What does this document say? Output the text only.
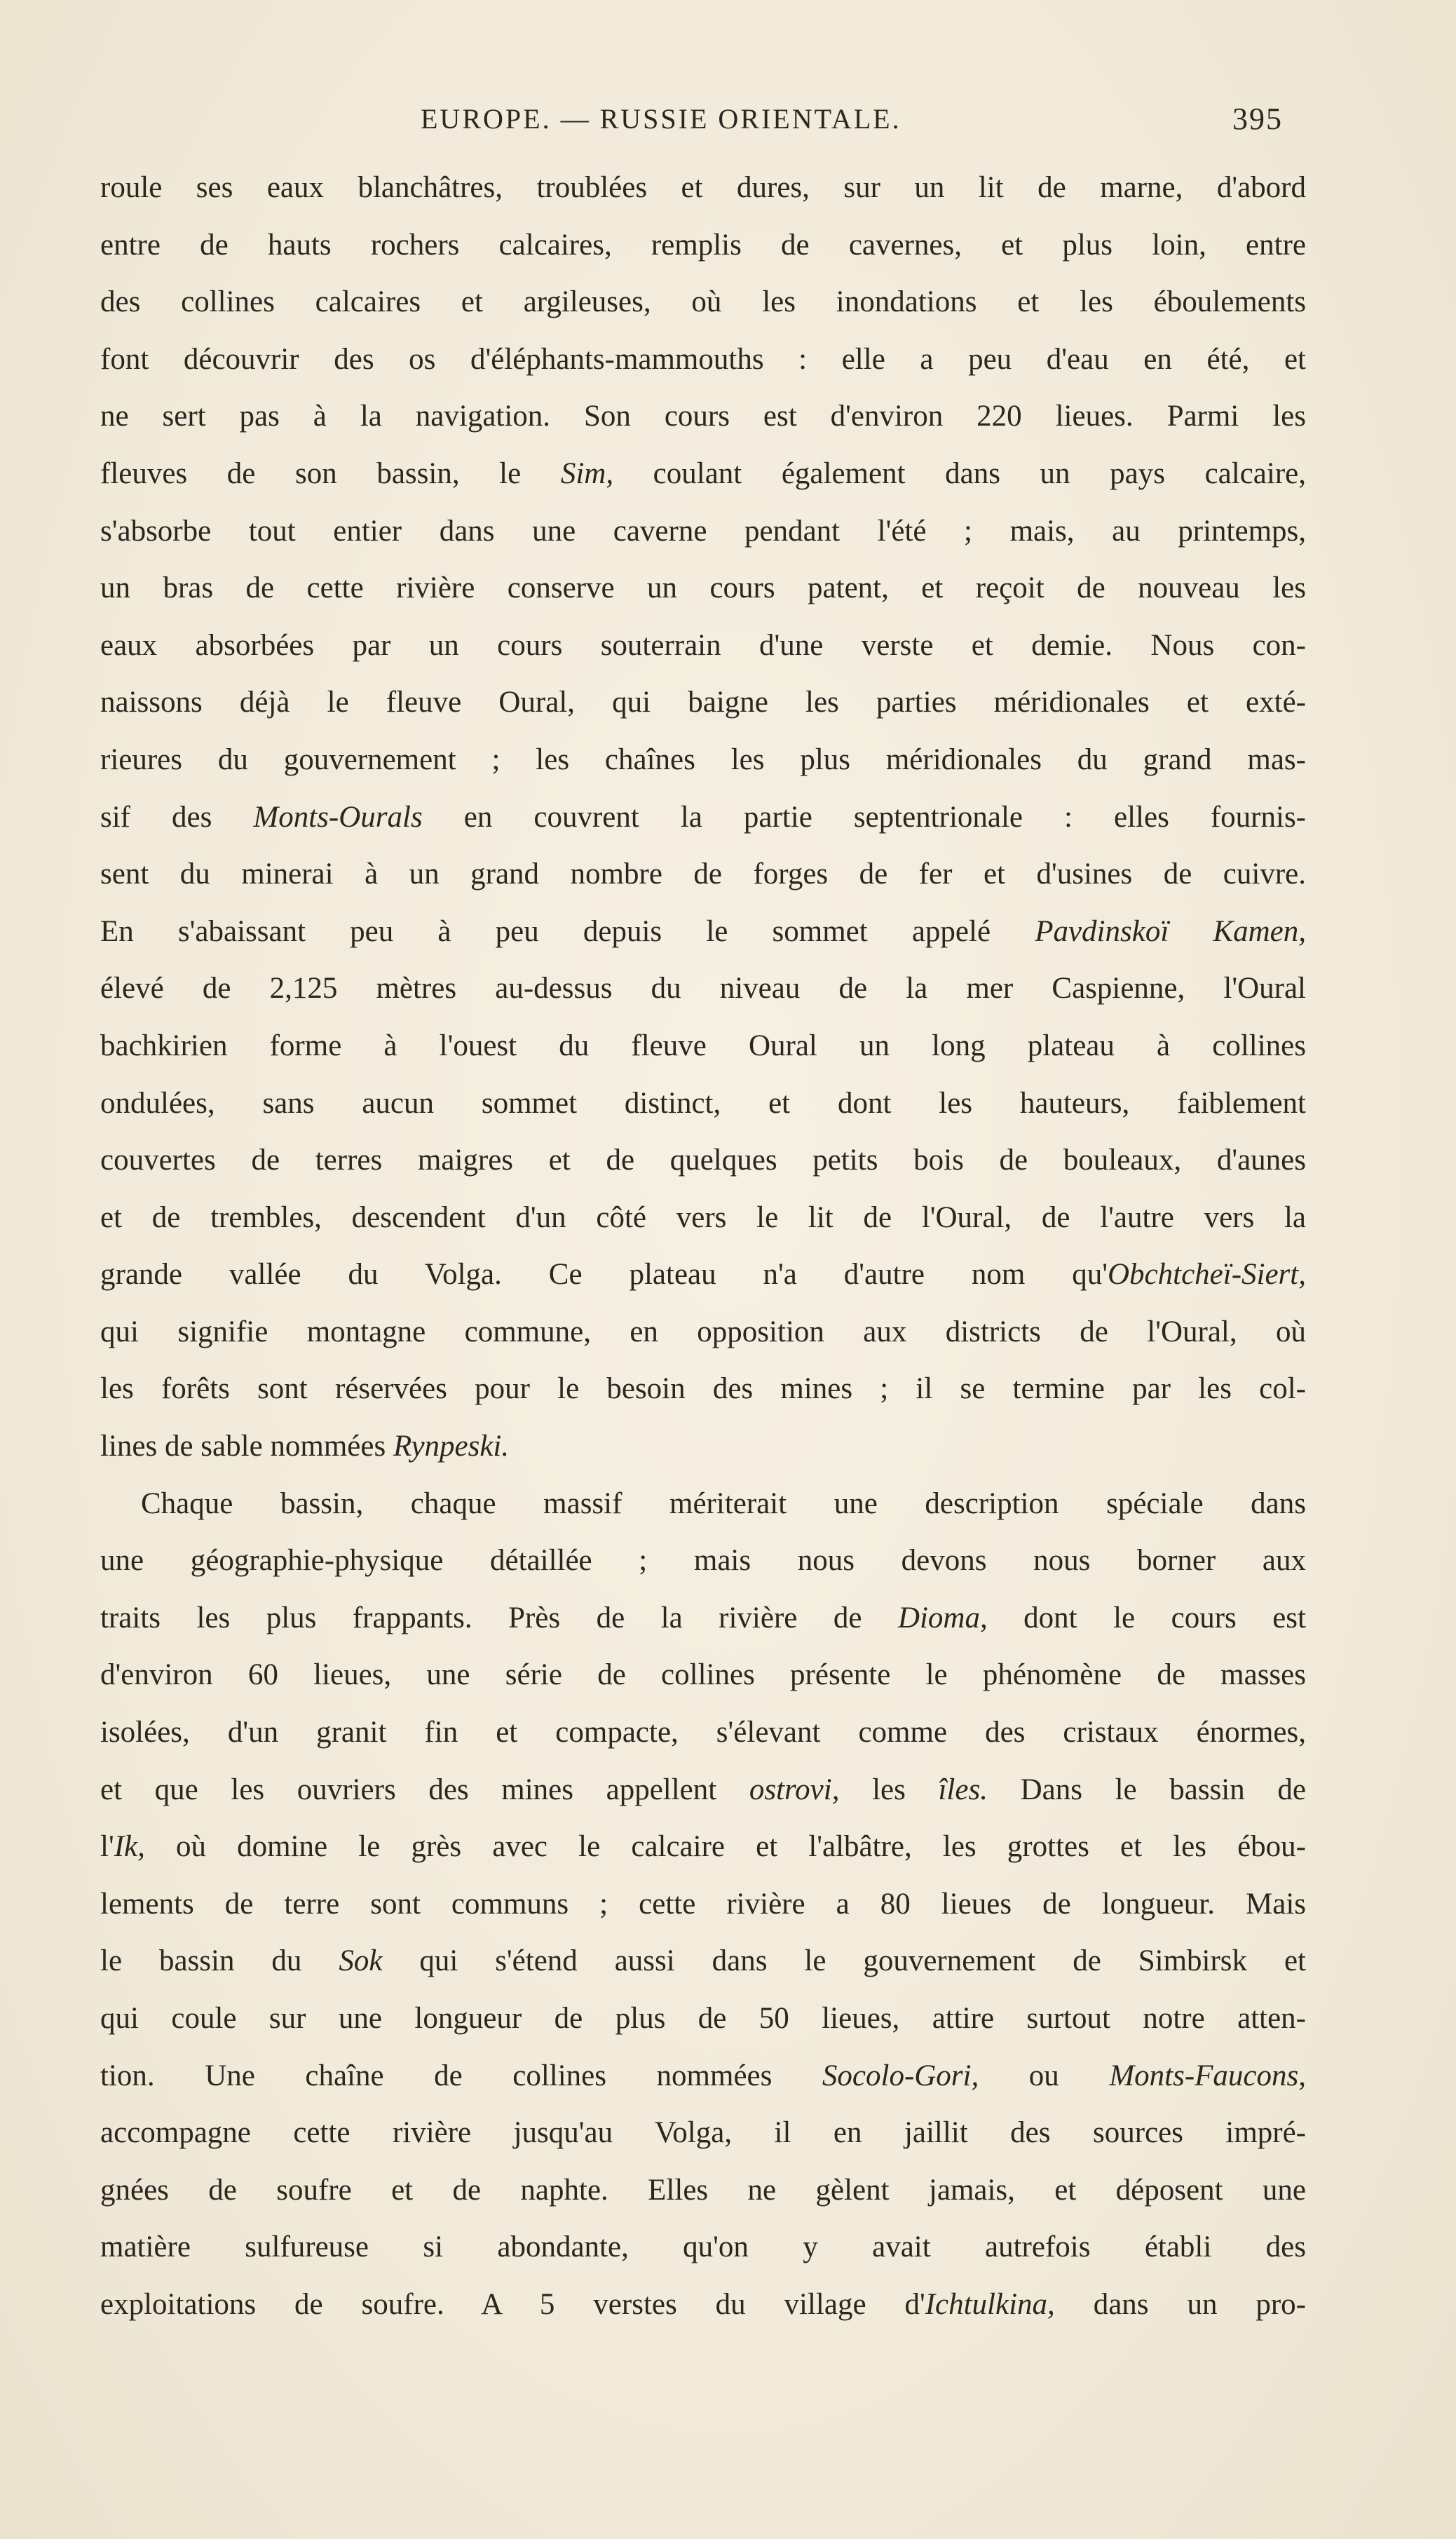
EUROPE. — RUSSIE ORIENTALE.	395
roule ses eaux blanchâtres, troublées et dures, sur un lit de marne, d'abord
entre de hauts rochers calcaires, remplis de cavernes, et plus loin, entre
des collines calcaires et argileuses, où les inondations et les éboulements
font découvrir des os d'éléphants-mammouths : elle a peu d'eau en été, et
ne sert pas à la navigation. Son cours est d'environ 220 lieues. Parmi les
fleuves de son bassin, le Sim, coulant également dans un pays calcaire,
s'absorbe tout entier dans une caverne pendant l'été ; mais, au printemps,
un bras de cette rivière conserve un cours patent, et reçoit de nouveau les
eaux absorbées par un cours souterrain d'une verste et demie. Nous con-
naissons déjà le fleuve Oural, qui baigne les parties méridionales et exté-
rieures du gouvernement ; les chaînes les plus méridionales du grand mas-
sif des Monts-Ourals en couvrent la partie septentrionale : elles fournis-
sent du minerai à un grand nombre de forges de fer et d'usines de cuivre.
En s'abaissant peu à peu depuis le sommet appelé Pavdinskoï Kamen,
élevé de 2,125 mètres au-dessus du niveau de la mer Caspienne, l'Oural
bachkirien forme à l'ouest du fleuve Oural un long plateau à collines
ondulées, sans aucun sommet distinct, et dont les hauteurs, faiblement
couvertes de terres maigres et de quelques petits bois de bouleaux, d'aunes
et de trembles, descendent d'un côté vers le lit de l'Oural, de l'autre vers la
grande vallée du Volga. Ce plateau n'a d'autre nom qu'Obchtcheï-Siert,
qui signifie montagne commune, en opposition aux districts de l'Oural, où
les forêts sont réservées pour le besoin des mines ; il se termine par les col-
lines de sable nommées Rynpeski.
Chaque bassin, chaque massif mériterait une description spéciale dans
une géographie-physique détaillée ; mais nous devons nous borner aux
traits les plus frappants. Près de la rivière de Dioma, dont le cours est
d'environ 60 lieues, une série de collines présente le phénomène de masses
isolées, d'un granit fin et compacte, s'élevant comme des cristaux énormes,
et que les ouvriers des mines appellent ostrovi, les îles. Dans le bassin de
l'Ik, où domine le grès avec le calcaire et l'albâtre, les grottes et les ébou-
lements de terre sont communs ; cette rivière a 80 lieues de longueur. Mais
le bassin du Sok qui s'étend aussi dans le gouvernement de Simbirsk et
qui coule sur une longueur de plus de 50 lieues, attire surtout notre atten-
tion. Une chaîne de collines nommées Socolo-Gori, ou Monts-Faucons,
accompagne cette rivière jusqu'au Volga, il en jaillit des sources impré-
gnées de soufre et de naphte. Elles ne gèlent jamais, et déposent une
matière sulfureuse si abondante, qu'on y avait autrefois établi des
exploitations de soufre. A 5 verstes du village d'Ichtulkina, dans un pro-
